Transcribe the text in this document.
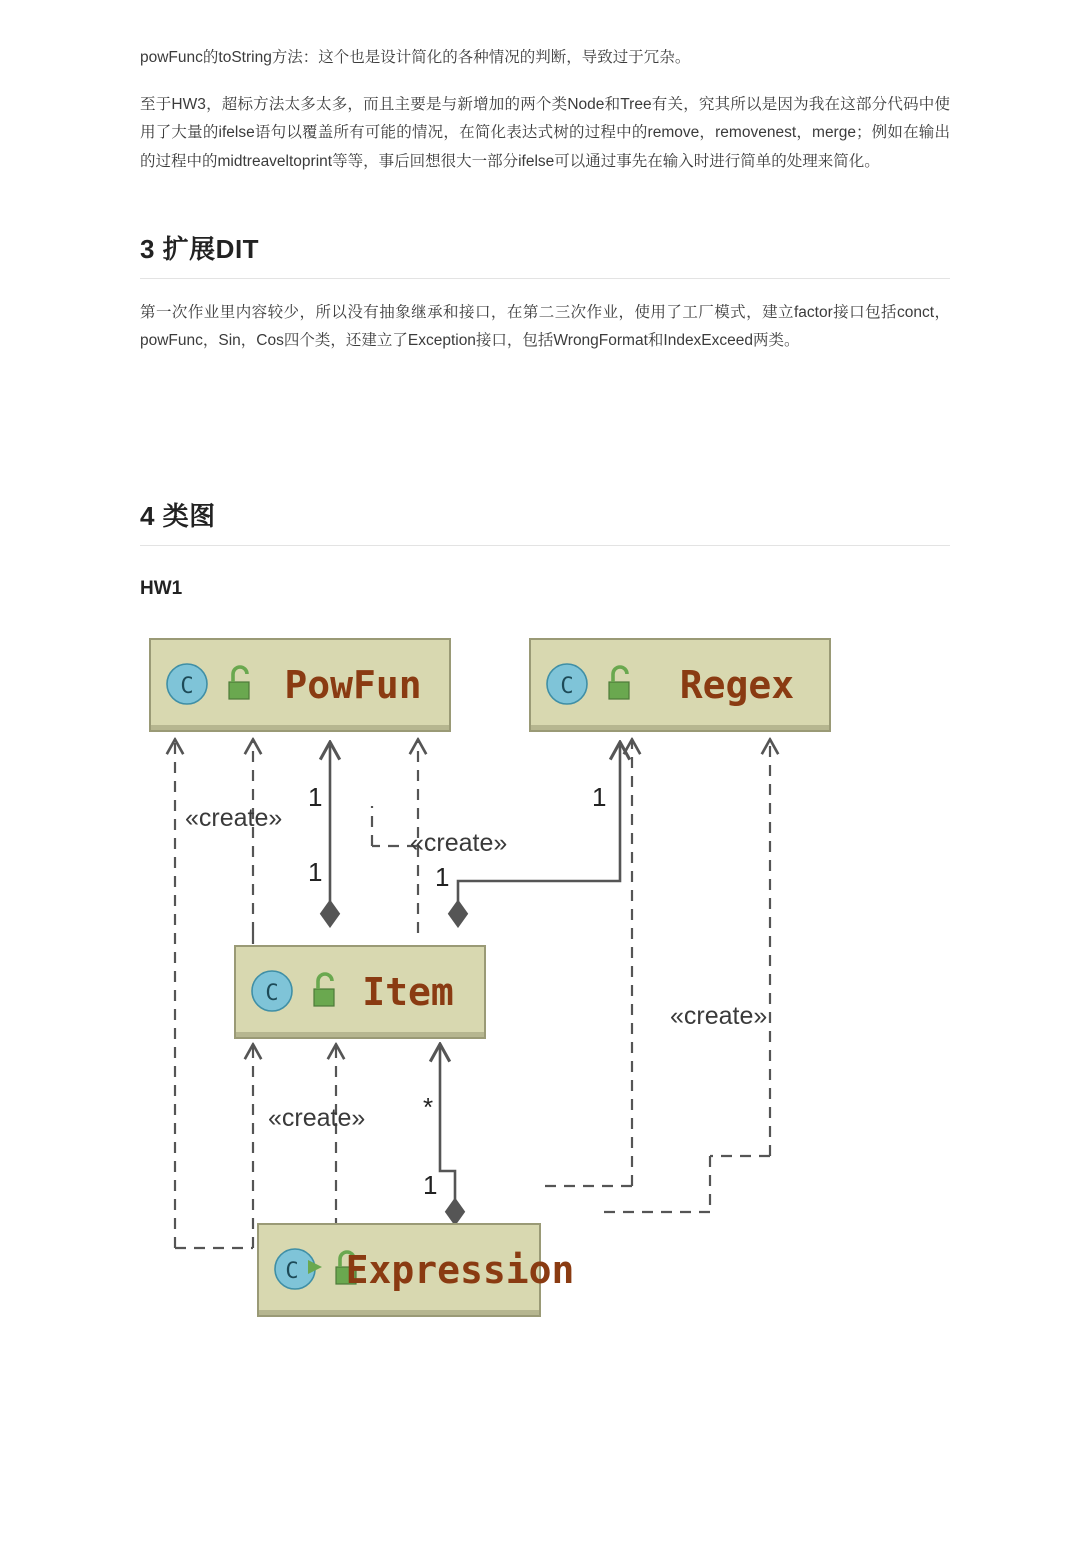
powFunc的toString方法：这个也是设计简化的各种情况的判断，导致过于冗杂。

至于HW3，超标方法太多太多，而且主要是与新增加的两个类Node和Tree有关，究其所以是因为我在这部分代码中使用了大量的ifelse语句以覆盖所有可能的情况，在简化表达式树的过程中的remove，removenest，merge；例如在输出的过程中的midtreaveltoprint等等，事后回想很大一部分ifelse可以通过事先在输入时进行简单的处理来简化。

3 扩展DIT

第一次作业里内容较少，所以没有抽象继承和接口，在第二三次作业，使用了工厂模式，建立factor接口包括conct，powFunc，Sin，Cos四个类，还建立了Exception接口，包括WrongFormat和IndexExceed两类。

4 类图
HW1
C PowFun	C	Regex
C Item
C Expression
«create»
«create»
«create»
«create»
1
1
1
1
*
1
